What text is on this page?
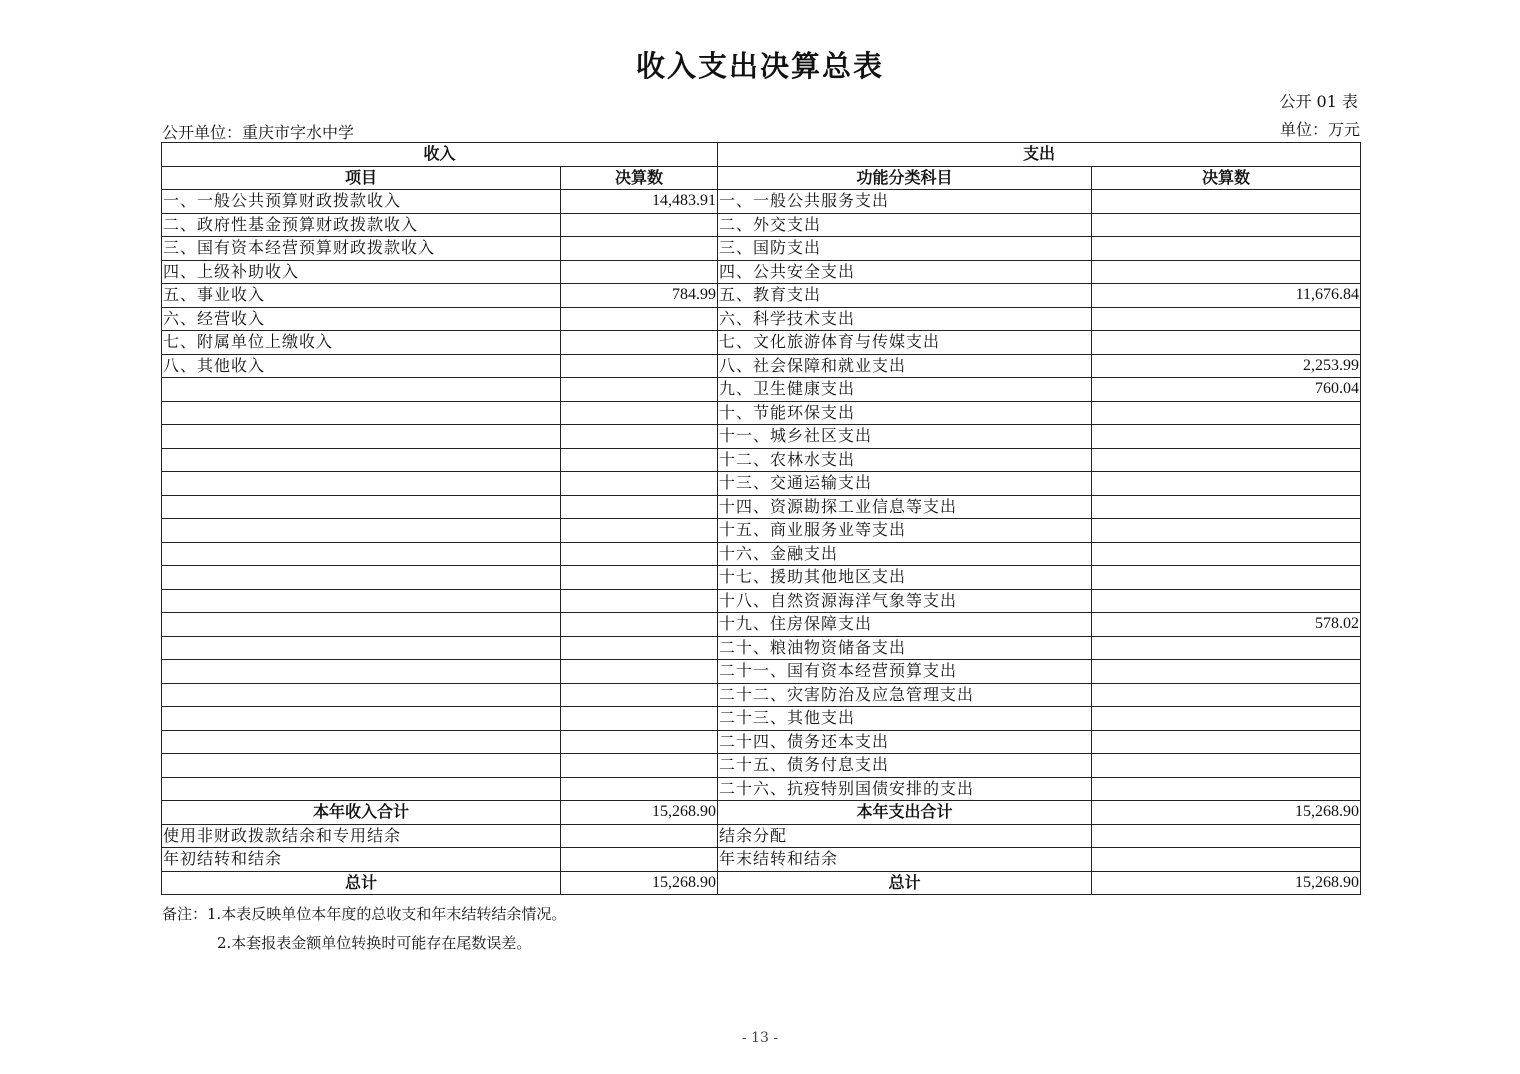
收入支出决算总表
公开 01 表
公开单位：重庆市字水中学	单位：万元
收入		支出	
项目	决算数	功能分类科目	决算数
一、一般公共预算财政拨款收入	14,483.91	一、一般公共服务支出	
二、政府性基金预算财政拨款收入		二、外交支出	
三、国有资本经营预算财政拨款收入		三、国防支出	
四、上级补助收入		四、公共安全支出	
五、事业收入	784.99	五、教育支出	11,676.84
六、经营收入		六、科学技术支出	
七、附属单位上缴收入		七、文化旅游体育与传媒支出	
八、其他收入		八、社会保障和就业支出	2,253.99
		九、卫生健康支出	760.04
		十、节能环保支出	
		十一、城乡社区支出	
		十二、农林水支出	
		十三、交通运输支出	
		十四、资源勘探工业信息等支出	
		十五、商业服务业等支出	
		十六、金融支出	
		十七、援助其他地区支出	
		十八、自然资源海洋气象等支出	
		十九、住房保障支出	578.02
		二十、粮油物资储备支出	
		二十一、国有资本经营预算支出	
		二十二、灾害防治及应急管理支出	
		二十三、其他支出	
		二十四、债务还本支出	
		二十五、债务付息支出	
		二十六、抗疫特别国债安排的支出	
本年收入合计	15,268.90	本年支出合计	15,268.90
使用非财政拨款结余和专用结余		结余分配	
年初结转和结余		年末结转和结余	
总计	15,268.90	总计	15,268.90
备注：1.本表反映单位本年度的总收支和年末结转结余情况。
2.本套报表金额单位转换时可能存在尾数误差。
- 13 -
